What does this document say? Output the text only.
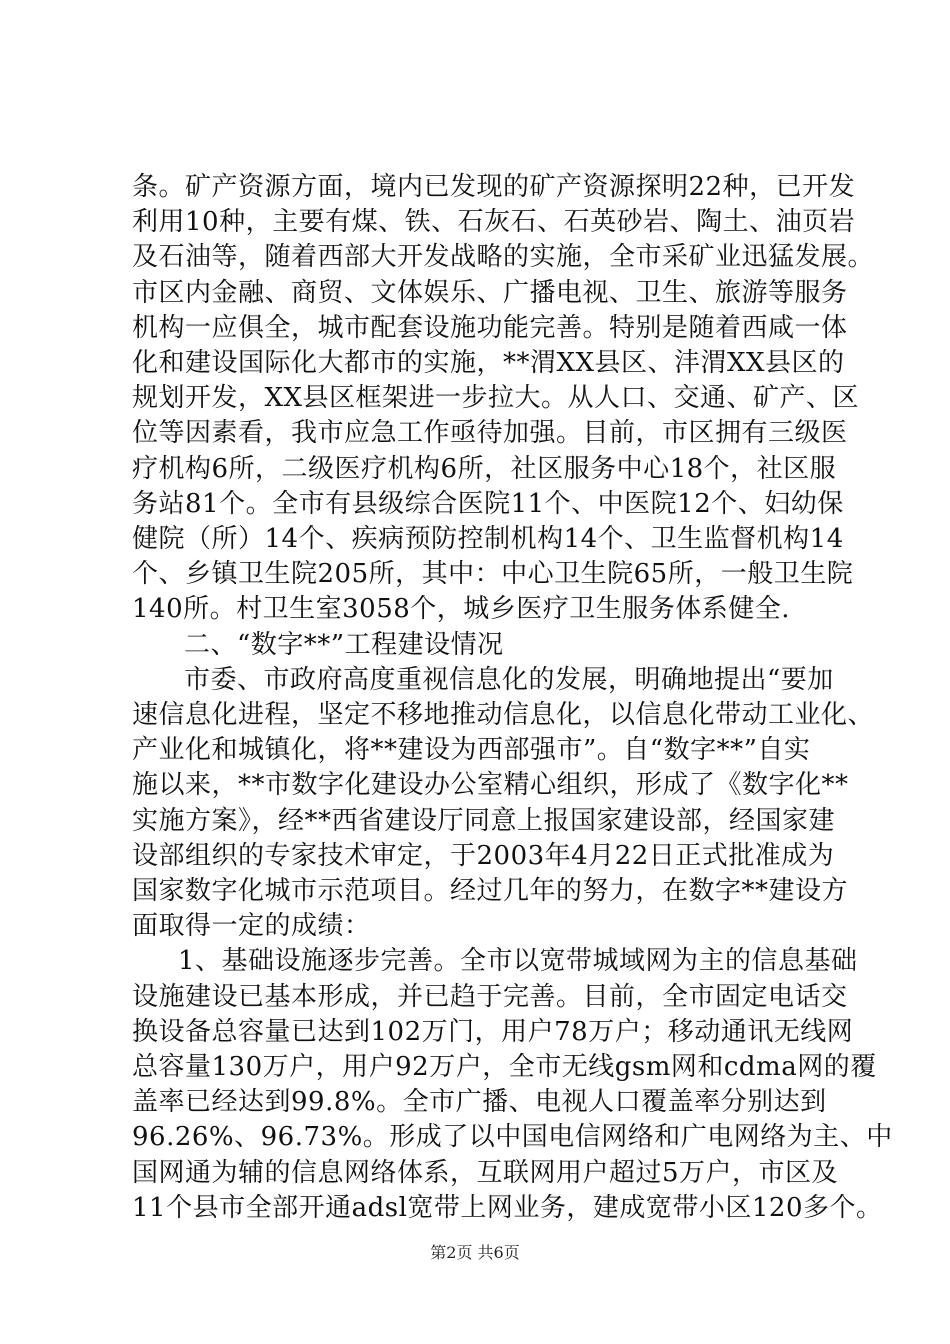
条。矿产资源方面，境内已发现的矿产资源探明22种，已开发
利用10种，主要有煤、铁、石灰石、石英砂岩、陶土、油页岩
及石油等，随着西部大开发战略的实施，全市采矿业迅猛发展。
市区内金融、商贸、文体娱乐、广播电视、卫生、旅游等服务
机构一应俱全，城市配套设施功能完善。特别是随着西咸一体
化和建设国际化大都市的实施，**渭XX县区、沣渭XX县区的
规划开发，XX县区框架进一步拉大。从人口、交通、矿产、区
位等因素看，我市应急工作亟待加强。目前，市区拥有三级医
疗机构6所，二级医疗机构6所，社区服务中心18个，社区服
务站81个。全市有县级综合医院11个、中医院12个、妇幼保
健院（所）14个、疾病预防控制机构14个、卫生监督机构14
个、乡镇卫生院205所，其中：中心卫生院65所，一般卫生院
140所。村卫生室3058个，城乡医疗卫生服务体系健全.
二、“数字**”工程建设情况
市委、市政府高度重视信息化的发展，明确地提出“要加
速信息化进程，坚定不移地推动信息化，以信息化带动工业化、
产业化和城镇化，将**建设为西部强市”。自“数字**”自实
施以来，**市数字化建设办公室精心组织，形成了《数字化**
实施方案》，经**西省建设厅同意上报国家建设部，经国家建
设部组织的专家技术审定，于2003年4月22日正式批准成为
国家数字化城市示范项目。经过几年的努力，在数字**建设方
面取得一定的成绩：
1、基础设施逐步完善。全市以宽带城域网为主的信息基础
设施建设已基本形成，并已趋于完善。目前，全市固定电话交
换设备总容量已达到102万门，用户78万户；移动通讯无线网
总容量130万户，用户92万户，全市无线gsm网和cdma网的覆
盖率已经达到99.8%。全市广播、电视人口覆盖率分别达到
96.26%、96.73%。形成了以中国电信网络和广电网络为主、中
国网通为辅的信息网络体系，互联网用户超过5万户，市区及
11个县市全部开通adsl宽带上网业务，建成宽带小区120多个。
第2页 共6页
